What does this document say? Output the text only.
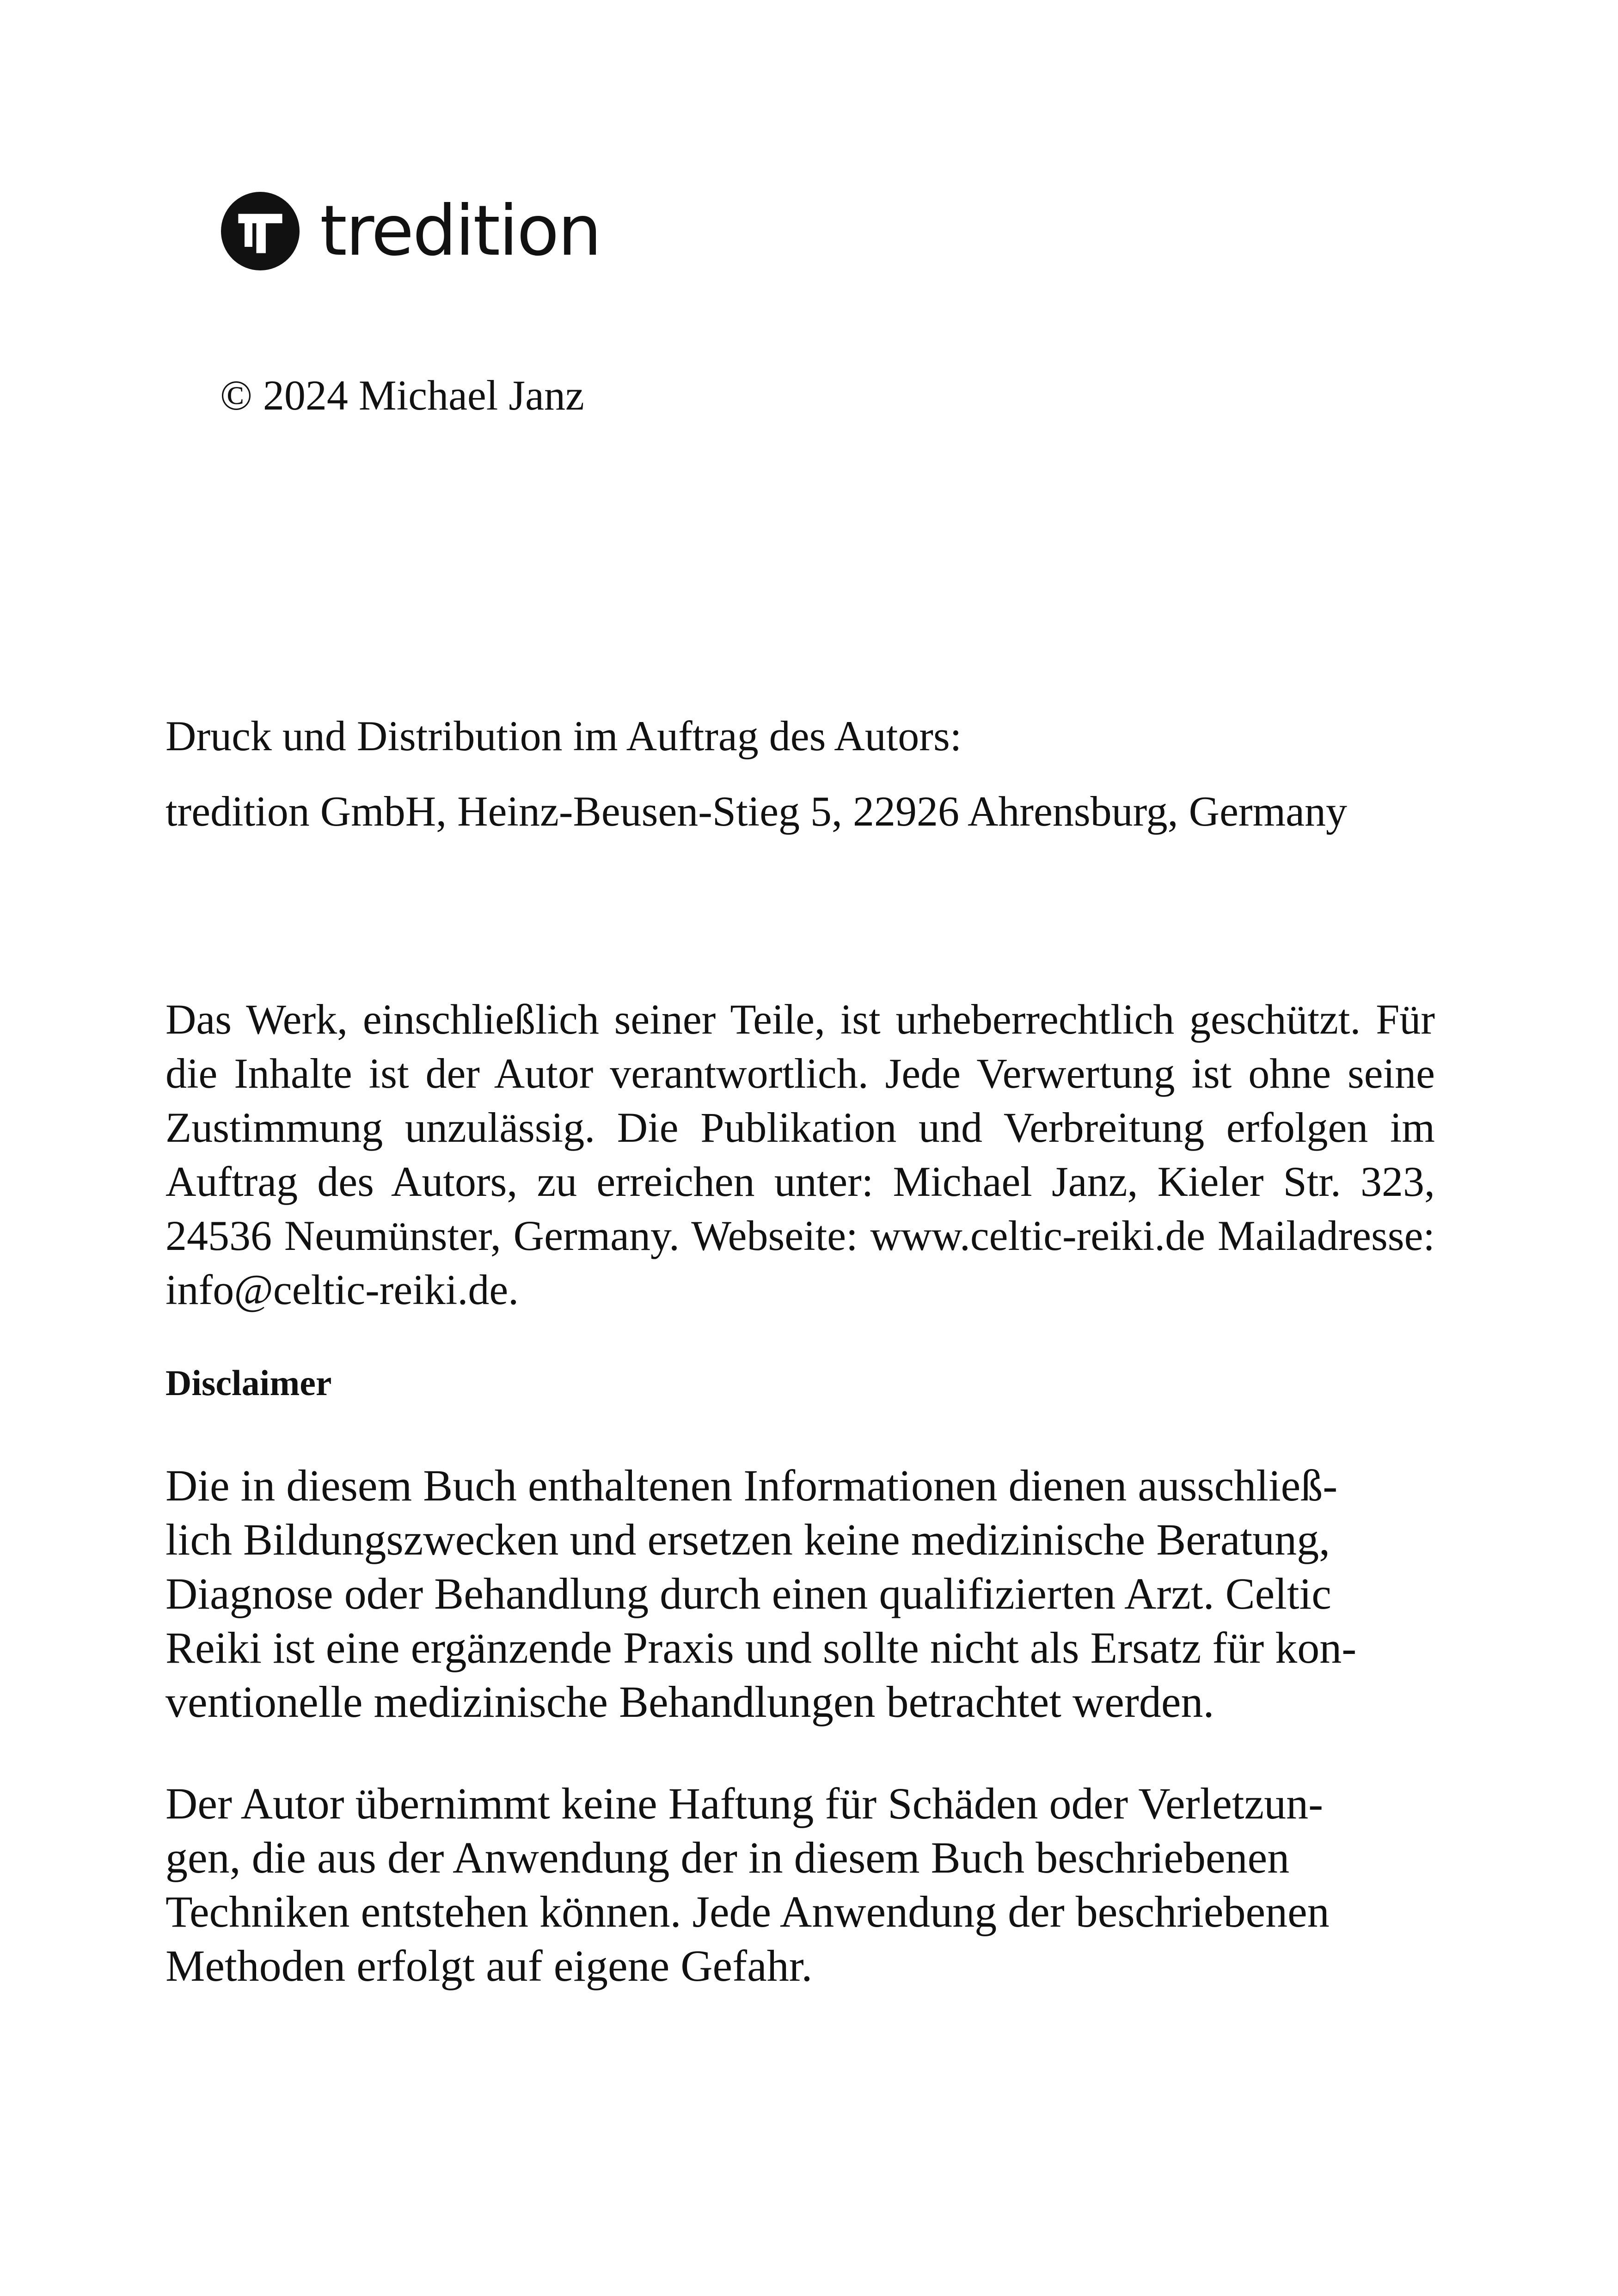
tredition
© 2024 Michael Janz
Druck und Distribution im Auftrag des Autors:
tredition GmbH, Heinz-Beusen-Stieg 5, 22926 Ahrensburg, Germany
Das Werk, einschließlich seiner Teile, ist urheberrechtlich geschützt. Für die Inhalte ist der Autor verantwortlich. Jede Verwertung ist ohne seine Zustimmung unzulässig. Die Publikation und Verbreitung erfolgen im Auftrag des Autors, zu erreichen unter: Michael Janz, Kieler Str. 323, 24536 Neumünster, Germany. Webseite: www.celtic-reiki.de Mailadresse: info@celtic-reiki.de.
Disclaimer
Die in diesem Buch enthaltenen Informationen dienen ausschließ-
lich Bildungszwecken und ersetzen keine medizinische Beratung,
Diagnose oder Behandlung durch einen qualifizierten Arzt. Celtic
Reiki ist eine ergänzende Praxis und sollte nicht als Ersatz für kon-
ventionelle medizinische Behandlungen betrachtet werden.
Der Autor übernimmt keine Haftung für Schäden oder Verletzun-
gen, die aus der Anwendung der in diesem Buch beschriebenen
Techniken entstehen können. Jede Anwendung der beschriebenen
Methoden erfolgt auf eigene Gefahr.
